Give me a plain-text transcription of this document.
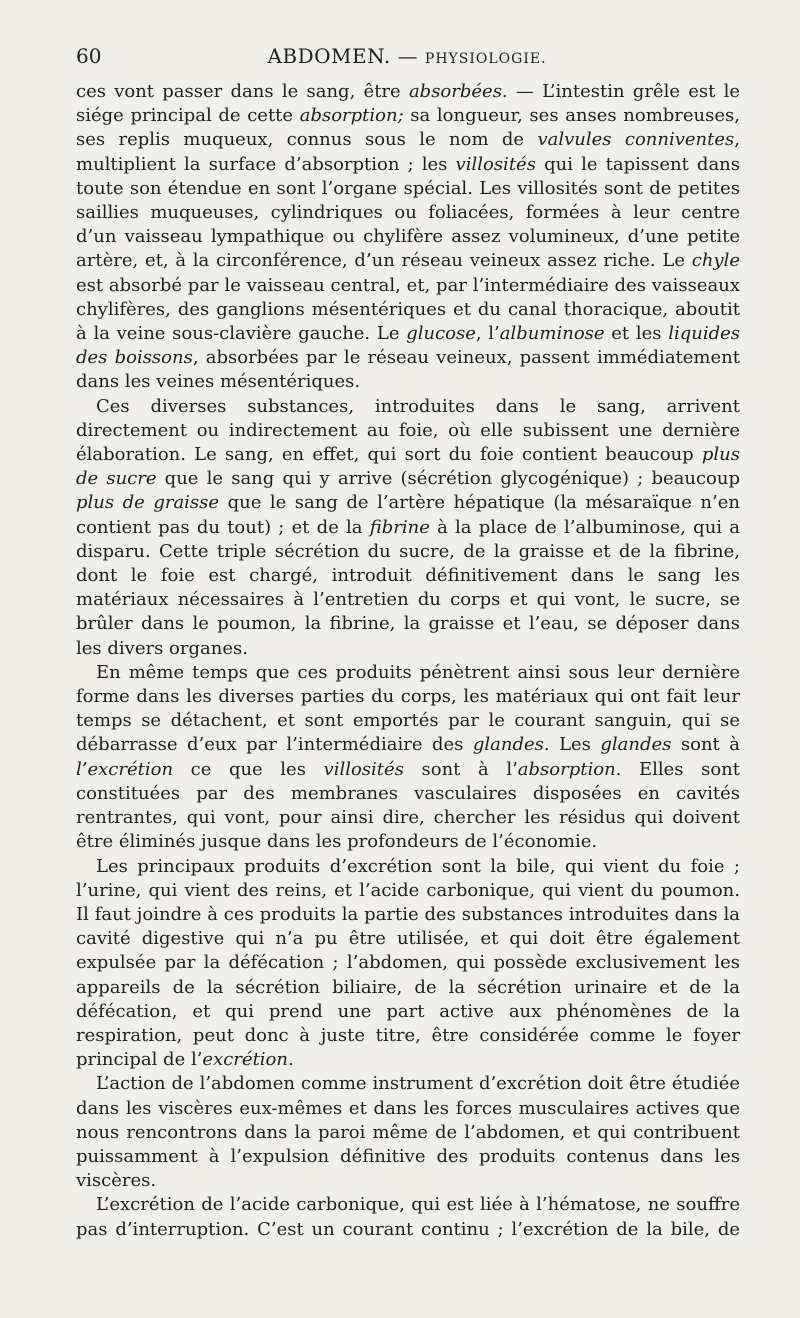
60	ABDOMEN. — PHYSIOLOGIE.

ces vont passer dans le sang, être absorbées. — L’intestin grêle est le siége principal de cette absorption; sa longueur, ses anses nombreuses, ses replis muqueux, connus sous le nom de valvules conniventes, multiplient la surface d’absorption ; les villosités qui le tapissent dans toute son étendue en sont l’organe spécial. Les villosités sont de petites saillies muqueuses, cylindriques ou foliacées, formées à leur centre d’un vaisseau lympathique ou chylifère assez volumineux, d’une petite artère, et, à la circonférence, d’un réseau veineux assez riche. Le chyle est absorbé par le vaisseau central, et, par l’intermédiaire des vaisseaux chylifères, des ganglions mésentériques et du canal thoracique, aboutit à la veine sous-clavière gauche. Le glucose, l’albuminose et les liquides des boissons, absorbées par le réseau veineux, passent immédiatement dans les veines mésentériques.

Ces diverses substances, introduites dans le sang, arrivent directement ou indirectement au foie, où elle subissent une dernière élaboration. Le sang, en effet, qui sort du foie contient beaucoup plus de sucre que le sang qui y arrive (sécrétion glycogénique) ; beaucoup plus de graisse que le sang de l’artère hépatique (la mésaraïque n’en contient pas du tout) ; et de la fibrine à la place de l’albuminose, qui a disparu. Cette triple sécrétion du sucre, de la graisse et de la fibrine, dont le foie est chargé, introduit définitivement dans le sang les matériaux nécessaires à l’entretien du corps et qui vont, le sucre, se brûler dans le poumon, la fibrine, la graisse et l’eau, se déposer dans les divers organes.

En même temps que ces produits pénètrent ainsi sous leur dernière forme dans les diverses parties du corps, les matériaux qui ont fait leur temps se détachent, et sont emportés par le courant sanguin, qui se débarrasse d’eux par l’intermédiaire des glandes. Les glandes sont à l’excrétion ce que les villosités sont à l’absorption. Elles sont constituées par des membranes vasculaires disposées en cavités rentrantes, qui vont, pour ainsi dire, chercher les résidus qui doivent être éliminés jusque dans les profondeurs de l’économie.

Les principaux produits d’excrétion sont la bile, qui vient du foie ; l’urine, qui vient des reins, et l’acide carbonique, qui vient du poumon. Il faut joindre à ces produits la partie des substances introduites dans la cavité digestive qui n’a pu être utilisée, et qui doit être également expulsée par la défécation ; l’abdomen, qui possède exclusivement les appareils de la sécrétion biliaire, de la sécrétion urinaire et de la défécation, et qui prend une part active aux phénomènes de la respiration, peut donc à juste titre, être considérée comme le foyer principal de l’excrétion.

L’action de l’abdomen comme instrument d’excrétion doit être étudiée dans les viscères eux-mêmes et dans les forces musculaires actives que nous rencontrons dans la paroi même de l’abdomen, et qui contribuent puissamment à l’expulsion définitive des produits contenus dans les viscères.

L’excrétion de l’acide carbonique, qui est liée à l’hématose, ne souffre pas d’interruption. C’est un courant continu ; l’excrétion de la bile, de
